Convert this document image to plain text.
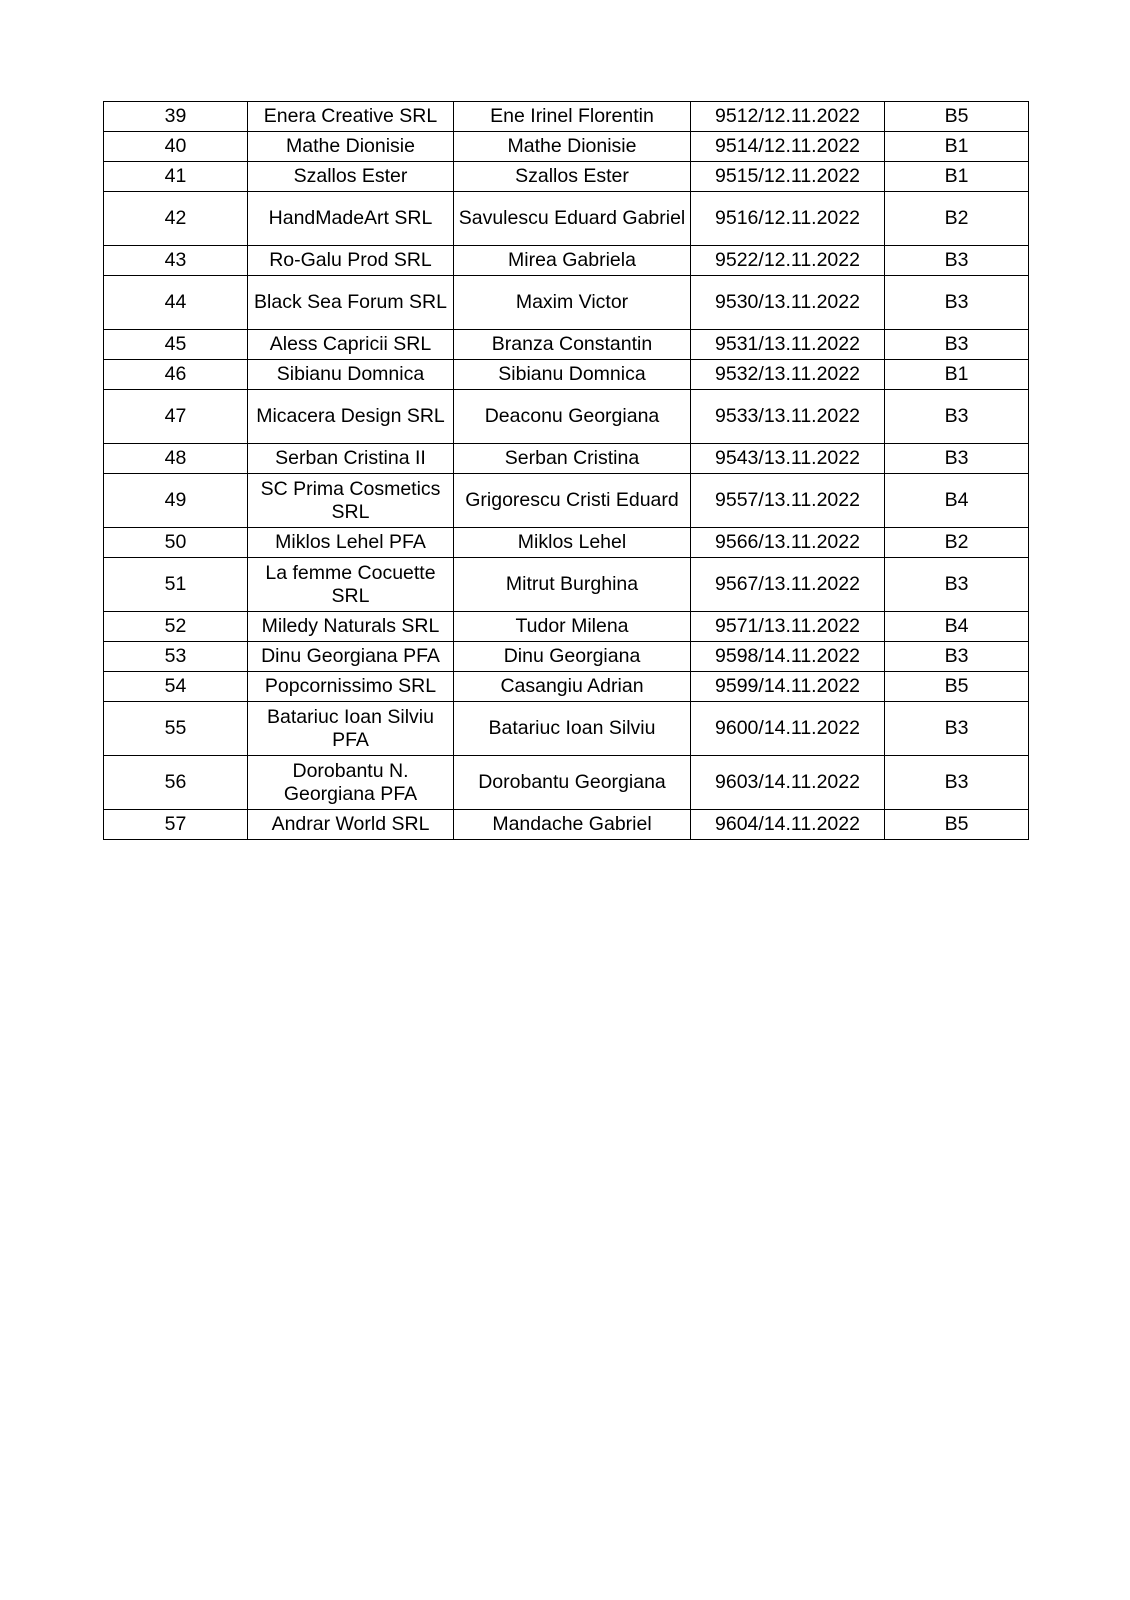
39	Enera Creative SRL	Ene Irinel Florentin	9512/12.11.2022	B5
40	Mathe Dionisie	Mathe Dionisie	9514/12.11.2022	B1
41	Szallos Ester	Szallos Ester	9515/12.11.2022	B1
42	HandMadeArt SRL	Savulescu Eduard Gabriel	9516/12.11.2022	B2
43	Ro-Galu Prod SRL	Mirea Gabriela	9522/12.11.2022	B3
44	Black Sea Forum SRL	Maxim Victor	9530/13.11.2022	B3
45	Aless Capricii SRL	Branza Constantin	9531/13.11.2022	B3
46	Sibianu Domnica	Sibianu Domnica	9532/13.11.2022	B1
47	Micacera Design SRL	Deaconu Georgiana	9533/13.11.2022	B3
48	Serban Cristina II	Serban Cristina	9543/13.11.2022	B3
49	SC Prima Cosmetics SRL	Grigorescu Cristi Eduard	9557/13.11.2022	B4
50	Miklos Lehel PFA	Miklos Lehel	9566/13.11.2022	B2
51	La femme Cocuette SRL	Mitrut Burghina	9567/13.11.2022	B3
52	Miledy Naturals SRL	Tudor Milena	9571/13.11.2022	B4
53	Dinu Georgiana PFA	Dinu Georgiana	9598/14.11.2022	B3
54	Popcornissimo SRL	Casangiu Adrian	9599/14.11.2022	B5
55	Batariuc Ioan Silviu PFA	Batariuc Ioan Silviu	9600/14.11.2022	B3
56	Dorobantu N. Georgiana PFA	Dorobantu Georgiana	9603/14.11.2022	B3
57	Andrar World SRL	Mandache Gabriel	9604/14.11.2022	B5
